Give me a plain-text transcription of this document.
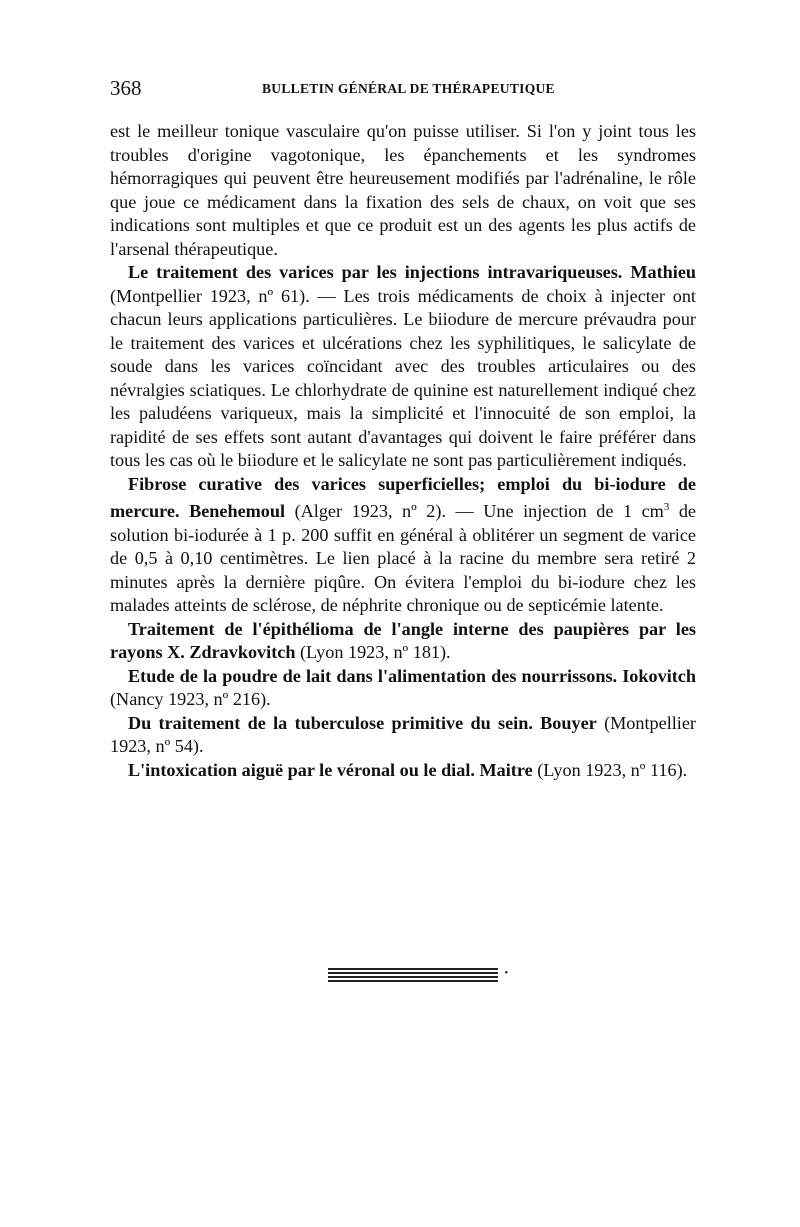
368	BULLETIN GÉNÉRAL DE THÉRAPEUTIQUE

est le meilleur tonique vasculaire qu'on puisse utiliser. Si l'on y joint tous les troubles d'origine vagotonique, les épanchements et les syndromes hémorragiques qui peuvent être heureusement modifiés par l'adrénaline, le rôle que joue ce médicament dans la fixation des sels de chaux, on voit que ses indications sont multiples et que ce produit est un des agents les plus actifs de l'arsenal thérapeutique.

Le traitement des varices par les injections intravariqueuses. Mathieu (Montpellier 1923, nº 61). — Les trois médicaments de choix à injecter ont chacun leurs applications particulières. Le biiodure de mercure prévaudra pour le traitement des varices et ulcérations chez les syphilitiques, le salicylate de soude dans les varices coïncidant avec des troubles articulaires ou des névralgies sciatiques. Le chlorhydrate de quinine est naturellement indiqué chez les paludéens variqueux, mais la simplicité et l'innocuité de son emploi, la rapidité de ses effets sont autant d'avantages qui doivent le faire préférer dans tous les cas où le biiodure et le salicylate ne sont pas particulièrement indiqués.

Fibrose curative des varices superficielles; emploi du bi-iodure de mercure. Benehemoul (Alger 1923, nº 2). — Une injection de 1 $cm^3$ de solution bi-iodurée à 1 p. 200 suffit en général à oblitérer un segment de varice de 0,5 à 0,10 centimètres. Le lien placé à la racine du membre sera retiré 2 minutes après la dernière piqûre. On évitera l'emploi du bi-iodure chez les malades atteints de sclérose, de néphrite chronique ou de septicémie latente.

Traitement de l'épithélioma de l'angle interne des paupières par les rayons X. Zdravkovitch (Lyon 1923, nº 181).

Etude de la poudre de lait dans l'alimentation des nourrissons. Iokovitch (Nancy 1923, nº 216).

Du traitement de la tuberculose primitive du sein. Bouyer (Montpellier 1923, nº 54).

L'intoxication aiguë par le véronal ou le dial. Maitre (Lyon 1923, nº 116).

•
